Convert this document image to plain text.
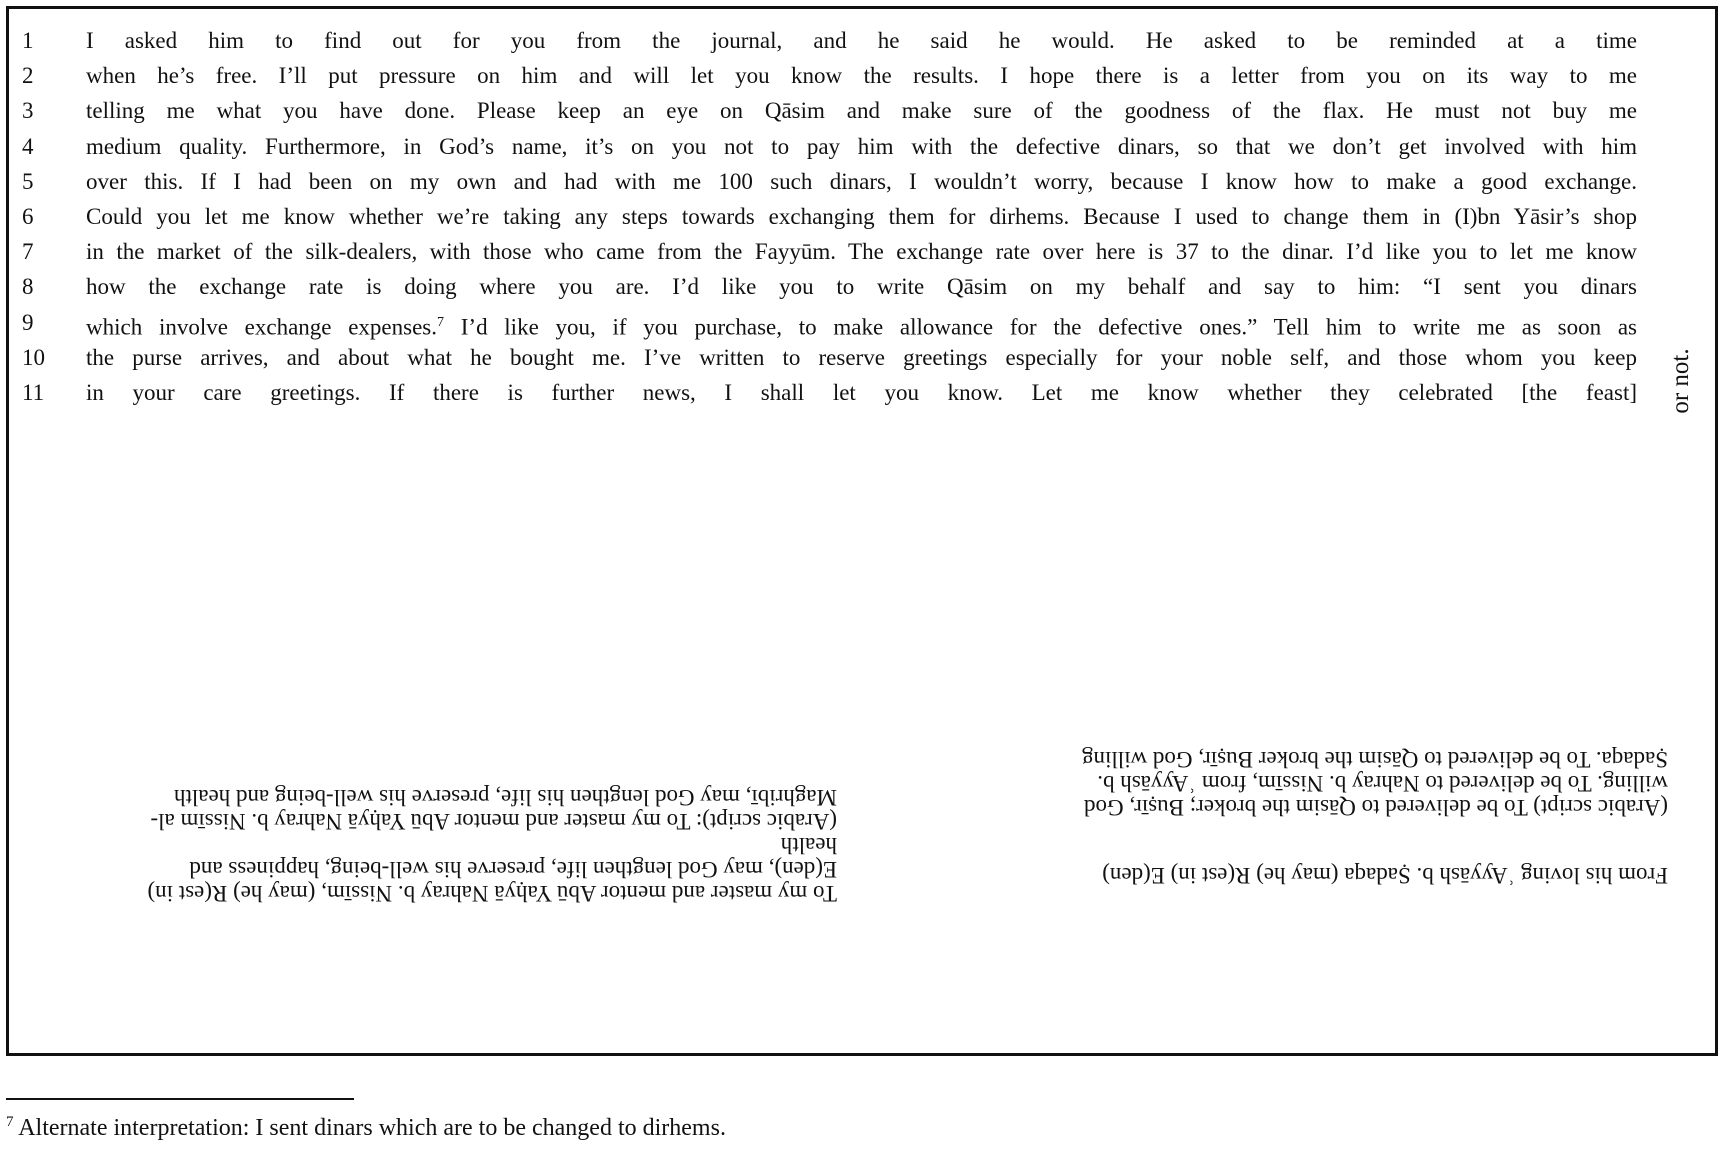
1	I asked him to find out for you from the journal, and he said he would. He asked to be reminded at a time
2	when he’s free. I’ll put pressure on him and will let you know the results. I hope there is a letter from you on its way to me
3	telling me what you have done. Please keep an eye on Qāsim and make sure of the goodness of the flax. He must not buy me
4	medium quality. Furthermore, in God’s name, it’s on you not to pay him with the defective dinars, so that we don’t get involved with him
5	over this. If I had been on my own and had with me 100 such dinars, I wouldn’t worry, because I know how to make a good exchange.
6	Could you let me know whether we’re taking any steps towards exchanging them for dirhems. Because I used to change them in (I)bn Yāsir’s shop
7	in the market of the silk-dealers, with those who came from the Fayyūm. The exchange rate over here is 37 to the dinar. I’d like you to let me know
8	how the exchange rate is doing where you are. I’d like you to write Qāsim on my behalf and say to him: “I sent you dinars
9	which involve exchange expenses.$^7$ I’d like you, if you purchase, to make allowance for the defective ones.” Tell him to write me as soon as
10	the purse arrives, and about what he bought me. I’ve written to reserve greetings especially for your noble self, and those whom you keep
11	in your care greetings. If there is further news, I shall let you know. Let me know whether they celebrated [the feast] or not.
From his loving ʿAyyāsh b. Ṣadaqa (may he) R(est in) E(den)
(Arabic script) To be delivered to Qāsim the broker; Buṣīr, God
willing. To be delivered to Nahray b. Nissīm, from ʿAyyāsh b.
Ṣadaqa. To be delivered to Qāsim the broker Buṣīr, God willing
To my master and mentor Abū Yaḥyā Nahray b. Nissīm, (may he) R(est in)
E(den), may God lengthen life, preserve his well-being, happiness and
health
(Arabic script): To my master and mentor Abū Yaḥyā Nahray b. Nissīm al-
Maghribī, may God lengthen his life, preserve his well-being and health
$^7$ Alternate interpretation: I sent dinars which are to be changed to dirhems.
